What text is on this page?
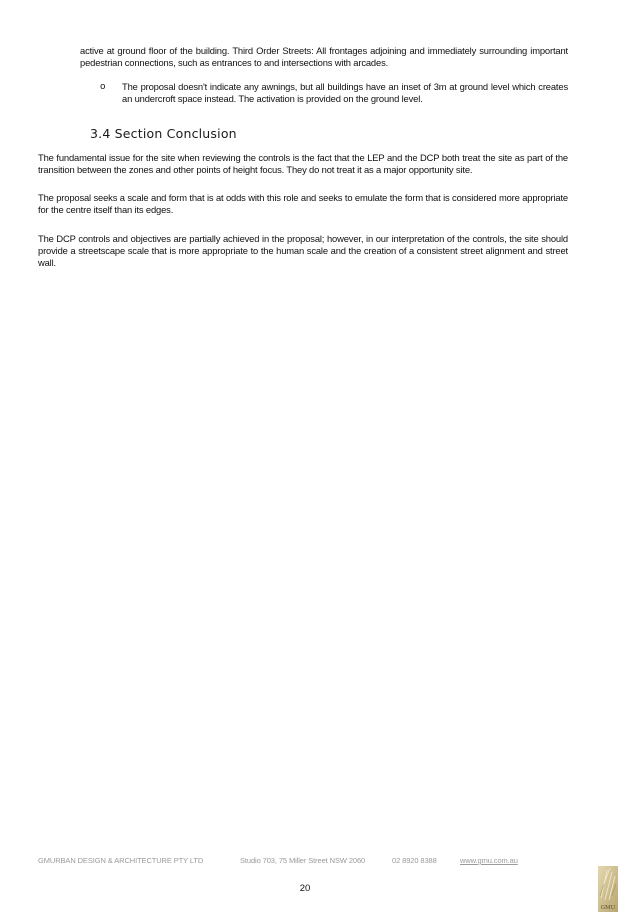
active at ground floor of the building. Third Order Streets: All frontages adjoining and immediately surrounding important pedestrian connections, such as entrances to and intersections with arcades.

o The proposal doesn't indicate any awnings, but all buildings have an inset of 3m at ground level which creates an undercroft space instead. The activation is provided on the ground level.

3.4 Section Conclusion

The fundamental issue for the site when reviewing the controls is the fact that the LEP and the DCP both treat the site as part of the transition between the zones and other points of height focus. They do not treat it as a major opportunity site.

The proposal seeks a scale and form that is at odds with this role and seeks to emulate the form that is considered more appropriate for the centre itself than its edges.

The DCP controls and objectives are partially achieved in the proposal; however, in our interpretation of the controls, the site should provide a streetscape scale that is more appropriate to the human scale and the creation of a consistent street alignment and street wall.

GMURBAN DESIGN & ARCHITECTURE PTY LTD	Studio 703, 75 Miller Street NSW 2060	02 8920 8388	www.gmu.com.au
20
GMU
